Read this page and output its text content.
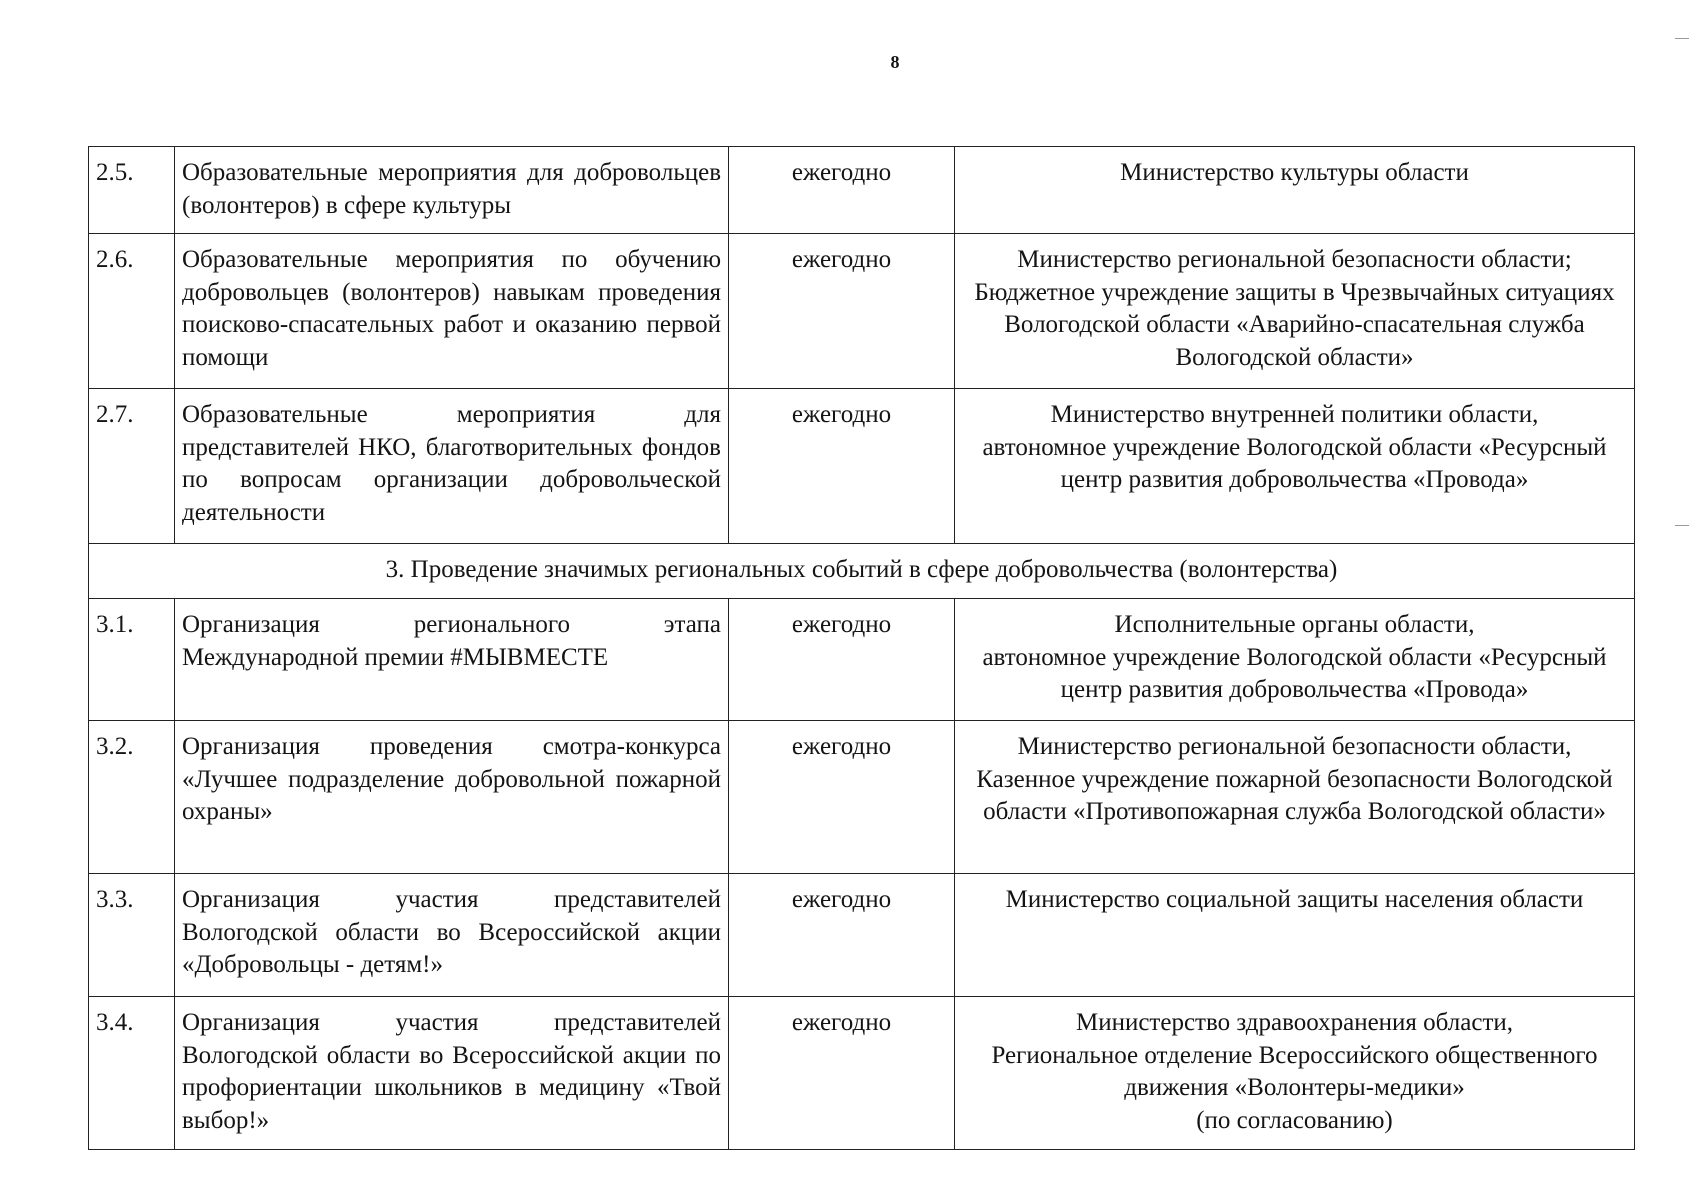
8
2.5.	Образовательные мероприятия для добровольцев (волонтеров) в сфере культуры	ежегодно	Министерство культуры области

2.6.	Образовательные мероприятия по обучению добровольцев (волонтеров) навыкам проведения поисково-спасательных работ и оказанию первой помощи	ежегодно	Министерство региональной безопасности области; Бюджетное учреждение защиты в Чрезвычайных ситуациях Вологодской области «Аварийно-спасательная служба Вологодской области»

2.7.	Образовательные мероприятия для представителей НКО, благотворительных фондов по вопросам организации добровольческой деятельности	ежегодно	Министерство внутренней политики области,
автономное учреждение Вологодской области «Ресурсный центр развития добровольчества «Провода»

3. Проведение значимых региональных событий в сфере добровольчества (волонтерства)			
3.1.	Организация регионального этапа Международной премии #МЫВМЕСТЕ	ежегодно	Исполнительные органы области,
автономное учреждение Вологодской области «Ресурсный центр развития добровольчества «Провода»

3.2.	Организация проведения смотра-конкурса «Лучшее подразделение добровольной пожарной охраны»	ежегодно	Министерство региональной безопасности области,
Казенное учреждение пожарной безопасности Вологодской области «Противопожарная служба Вологодской области»

3.3.	Организация участия представителей Вологодской области во Всероссийской акции «Добровольцы - детям!»	ежегодно	Министерство социальной защиты населения области

3.4.	Организация участия представителей Вологодской области во Всероссийской акции по профориентации школьников в медицину «Твой выбор!»	ежегодно	Министерство здравоохранения области,
Региональное отделение Всероссийского общественного движения «Волонтеры-медики»
(по согласованию)
